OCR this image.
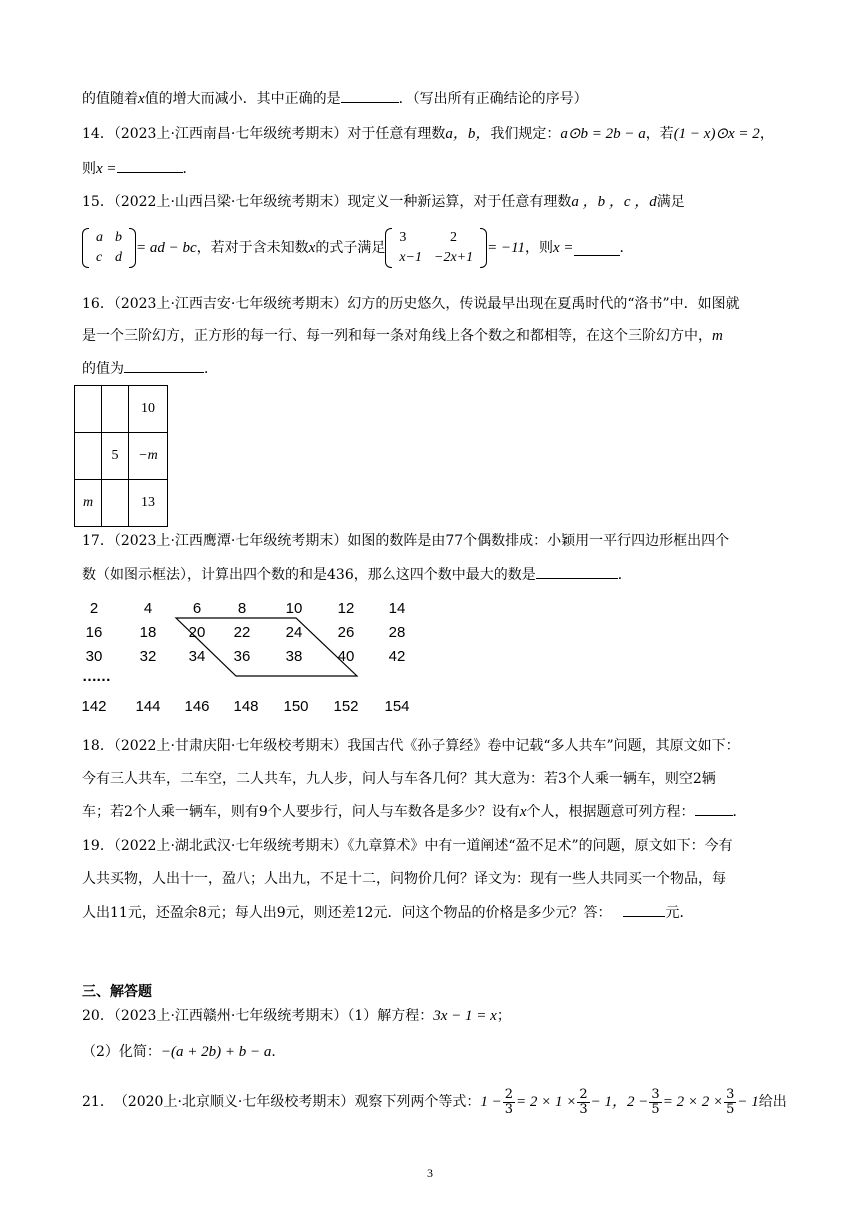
的值随着x值的增大而减小．其中正确的是	．（写出所有正确结论的序号）
14．（2023上·江西南昌·七年级统考期末）对于任意有理数a，b，我们规定：a⊙b = 2b − a，若(1 − x)⊙x = 2，
则x =	．
15．（2022上·山西吕梁·七年级统考期末）现定义一种新运算，对于任意有理数a ，b ，c ，d满足
a	b
c	d
= ad − bc ，若对于含未知数 x 的式子满足
3	2
x−1	−2x+1
= −11 ，则 x =	．
16．（2023上·江西吉安·七年级统考期末）幻方的历史悠久，传说最早出现在夏禹时代的“洛书”中．如图就
是一个三阶幻方，正方形的每一行、每一列和每一条对角线上各个数之和都相等，在这个三阶幻方中，m
的值为	．
		10
	5	−m
m		13
17．（2023上·江西鹰潭·七年级统考期末）如图的数阵是由77个偶数排成：小颖用一平行四边形框出四个
数（如图示框法），计算出四个数的和是436，那么这四个数中最大的数是	．
2	4	6	8	10	12	14
16	18	20	22	24	26	28
30	32	34	36	38	40	42
……
142	144	146	148	150	152	154
18．（2022上·甘肃庆阳·七年级校考期末）我国古代《孙子算经》卷中记载“多人共车”问题，其原文如下：
今有三人共车，二车空，二人共车，九人步，问人与车各几何？其大意为：若3个人乘一辆车，则空2辆
车；若2个人乘一辆车，则有9个人要步行，问人与车数各是多少？设有x个人，根据题意可列方程：	．
19．（2022上·湖北武汉·七年级统考期末）《九章算术》中有一道阐述“盈不足术”的问题，原文如下：今有
人共买物，人出十一，盈八；人出九，不足十二，问物价几何？译文为：现有一些人共同买一个物品，每
人出11元，还盈余8元；每人出9元，则还差12元．问这个物品的价格是多少元？答：	元．
三、解答题
20．（2023上·江西赣州·七年级统考期末）（1）解方程：3x − 1 = x；
（2）化简：−(a + 2b) + b − a．
21． （2020上·北京顺义·七年级校考期末） 观察下列两个等式： $1 - \frac{2}{3} = 2 \times 1 \times \frac{2}{3} - 1$， $2 - \frac{3}{5} = 2 \times 2 \times \frac{3}{5} - 1$ 给出
3
